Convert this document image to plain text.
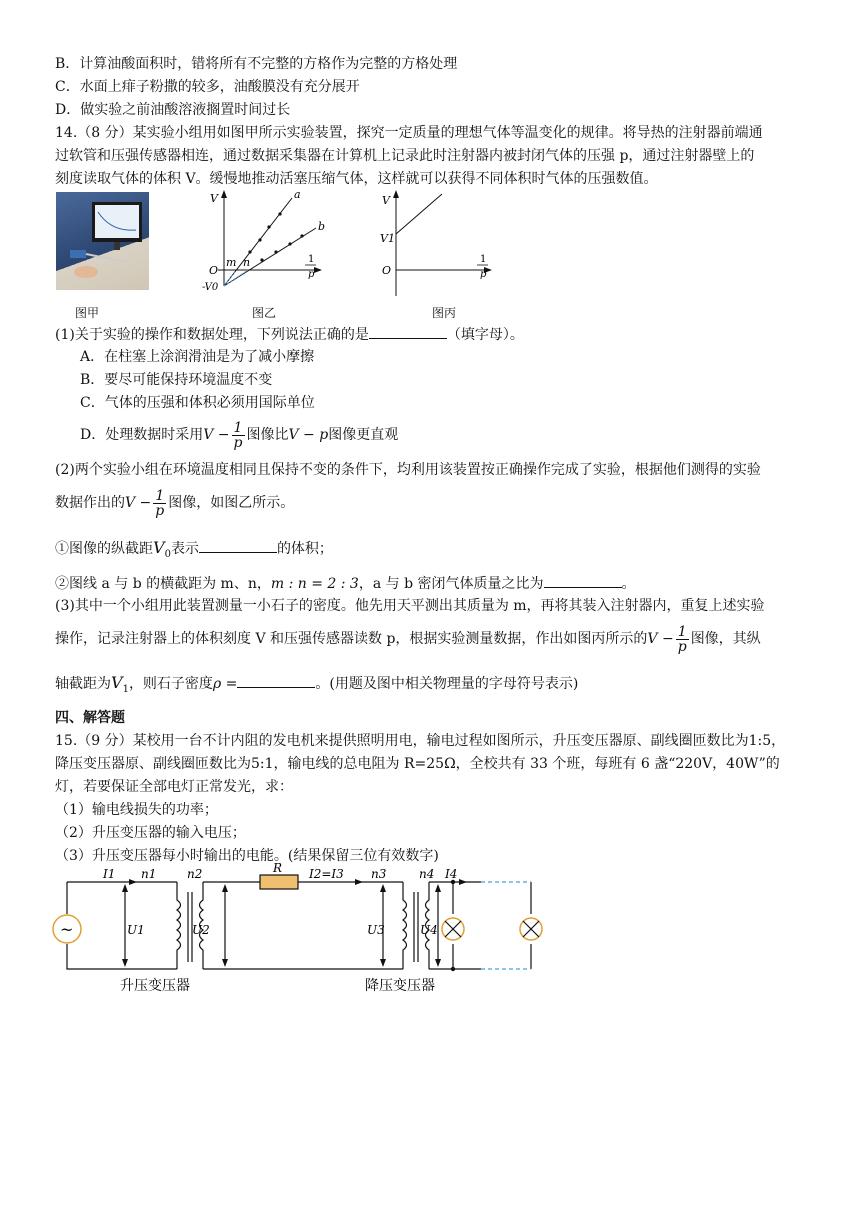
B．计算油酸面积时，错将所有不完整的方格作为完整的方格处理
C．水面上痱子粉撒的较多，油酸膜没有充分展开
D．做实验之前油酸溶液搁置时间过长
14.（8 分）某实验小组用如图甲所示实验装置，探究一定质量的理想气体等温变化的规律。将导热的注射器前端通
过软管和压强传感器相连，通过数据采集器在计算机上记录此时注射器内被封闭气体的压强 p，通过注射器壁上的
刻度读取气体的体积 V。缓慢地推动活塞压缩气体，这样就可以获得不同体积时气体的压强数值。
V	a
b
O
m n
-V0
1
p
V
V1
O
1
p
图甲	图乙	图丙
(1)关于实验的操作和数据处理，下列说法正确的是	（填字母）。
A．在柱塞上涂润滑油是为了减小摩擦
B．要尽可能保持环境温度不变
C．气体的压强和体积必须用国际单位
D．处理数据时采用$V - \frac{1}{p}$ 图像比V − p图像更直观
(2)两个实验小组在环境温度相同且保持不变的条件下，均利用该装置按正确操作完成了实验，根据他们测得的实验
数据作出的$V - \frac{1}{p}$ 图像，如图乙所示。
①图像的纵截距$V_0$表示	的体积；
②图线 a 与 b 的横截距为 m、n，m : n = 2 : 3，a 与 b 密闭气体质量之比为	。
(3)其中一个小组用此装置测量一小石子的密度。他先用天平测出其质量为 m，再将其装入注射器内，重复上述实验
操作，记录注射器上的体积刻度 V 和压强传感器读数 p，根据实验测量数据，作出如图丙所示的$V - \frac{1}{p}$ 图像，其纵
轴截距为$V_1$，则石子密度ρ =	。(用题及图中相关物理量的字母符号表示)
四、解答题
15.（9 分）某校用一台不计内阻的发电机来提供照明用电，输电过程如图所示，升压变压器原、副线圈匝数比为1:5，
降压变压器原、副线圈匝数比为5:1，输电线的总电阻为 R=25Ω，全校共有 33 个班，每班有 6 盏“220V，40W”的
灯，若要保证全部电灯正常发光，求：
（1）输电线损失的功率；
（2）升压变压器的输入电压；
（3）升压变压器每小时输出的电能。(结果保留三位有效数字)
~
I1 n1	n2	R I2=I3 n3	n4 I4
U1	U2	U3	U4
升压变压器	降压变压器
